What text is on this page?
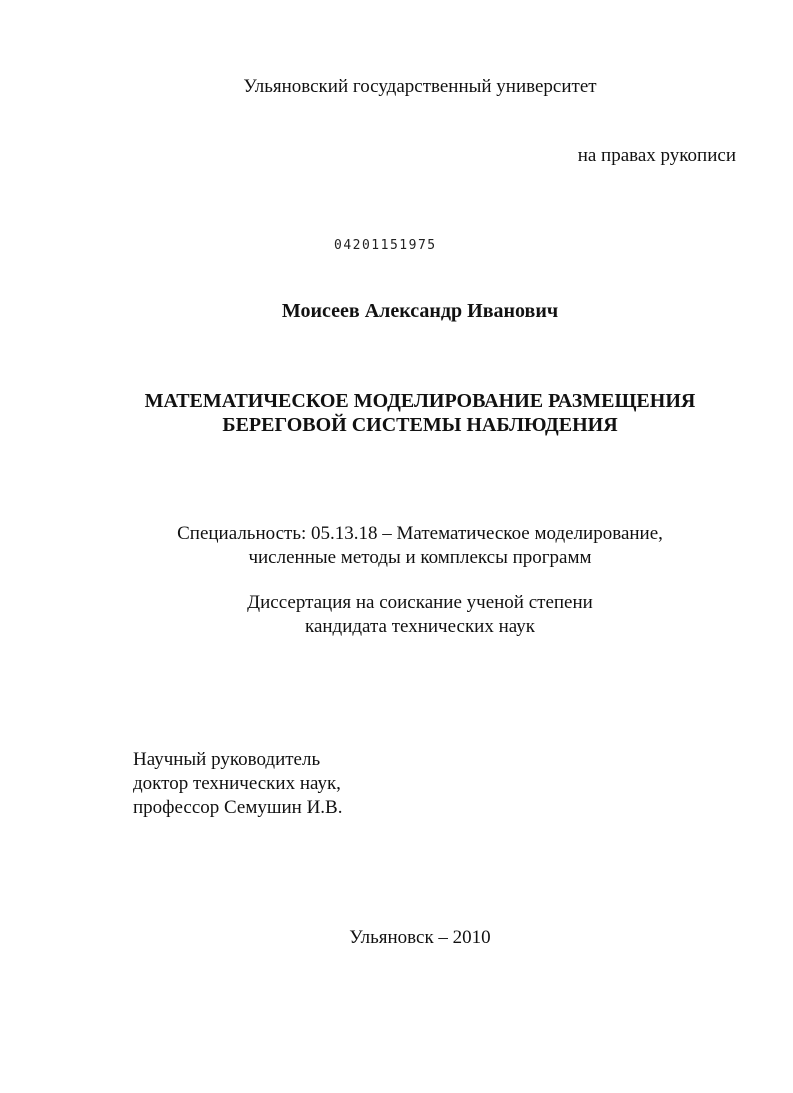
Ульяновский государственный университет
на правах рукописи
04201151975
Моисеев Александр Иванович
МАТЕМАТИЧЕСКОЕ МОДЕЛИРОВАНИЕ РАЗМЕЩЕНИЯ
БЕРЕГОВОЙ СИСТЕМЫ НАБЛЮДЕНИЯ
Специальность: 05.13.18 – Математическое моделирование,
численные методы и комплексы программ
Диссертация на соискание ученой степени
кандидата технических наук
Научный руководитель
доктор технических наук,
профессор Семушин И.В.
Ульяновск – 2010
